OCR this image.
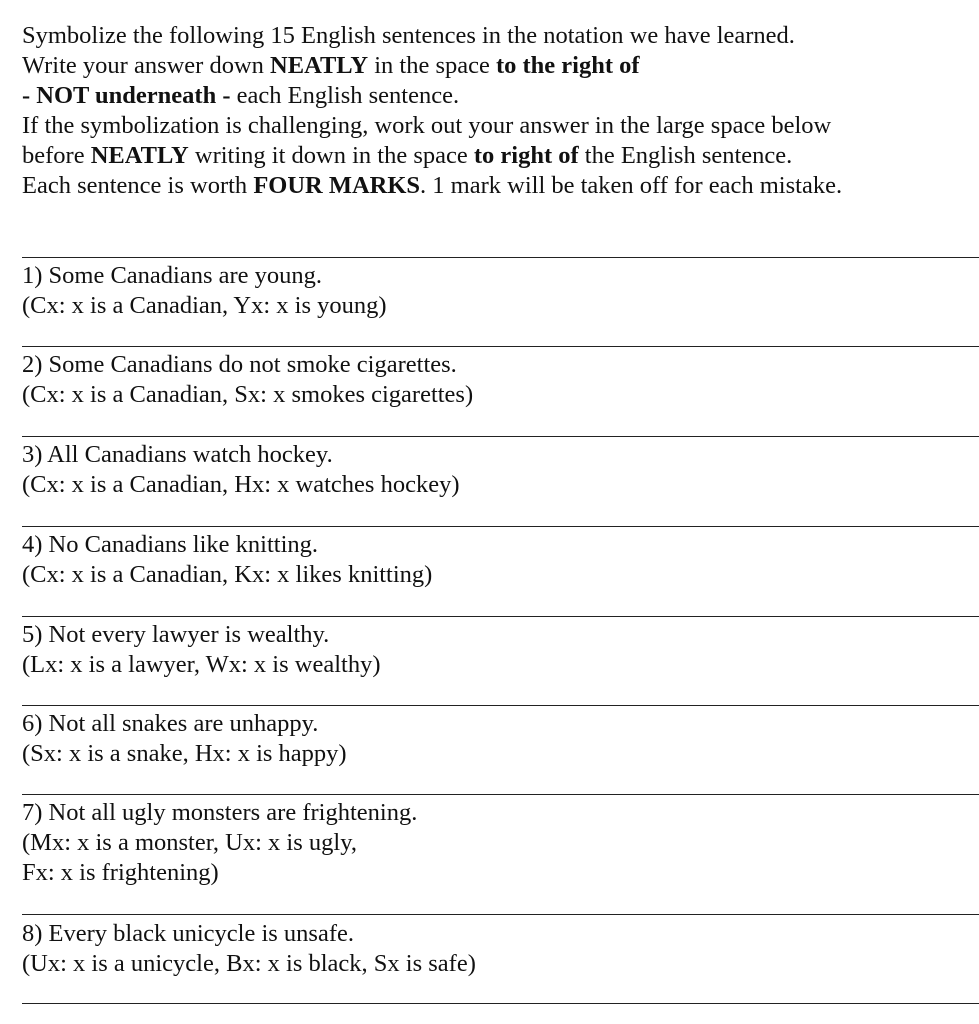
Symbolize the following 15 English sentences in the notation we have learned.
Write your answer down NEATLY in the space to the right of
- NOT underneath - each English sentence.
If the symbolization is challenging, work out your answer in the large space below
before NEATLY writing it down in the space to right of the English sentence.
Each sentence is worth FOUR MARKS. 1 mark will be taken off for each mistake.
1) Some Canadians are young.
(Cx: x is a Canadian, Yx: x is young)
2) Some Canadians do not smoke cigarettes.
(Cx: x is a Canadian, Sx: x smokes cigarettes)
3) All Canadians watch hockey.
(Cx: x is a Canadian, Hx: x watches hockey)
4) No Canadians like knitting.
(Cx: x is a Canadian, Kx: x likes knitting)
5) Not every lawyer is wealthy.
(Lx: x is a lawyer, Wx: x is wealthy)
6) Not all snakes are unhappy.
(Sx: x is a snake, Hx: x is happy)
7) Not all ugly monsters are frightening.
(Mx: x is a monster, Ux: x is ugly,
Fx: x is frightening)
8) Every black unicycle is unsafe.
(Ux: x is a unicycle, Bx: x is black, Sx is safe)
